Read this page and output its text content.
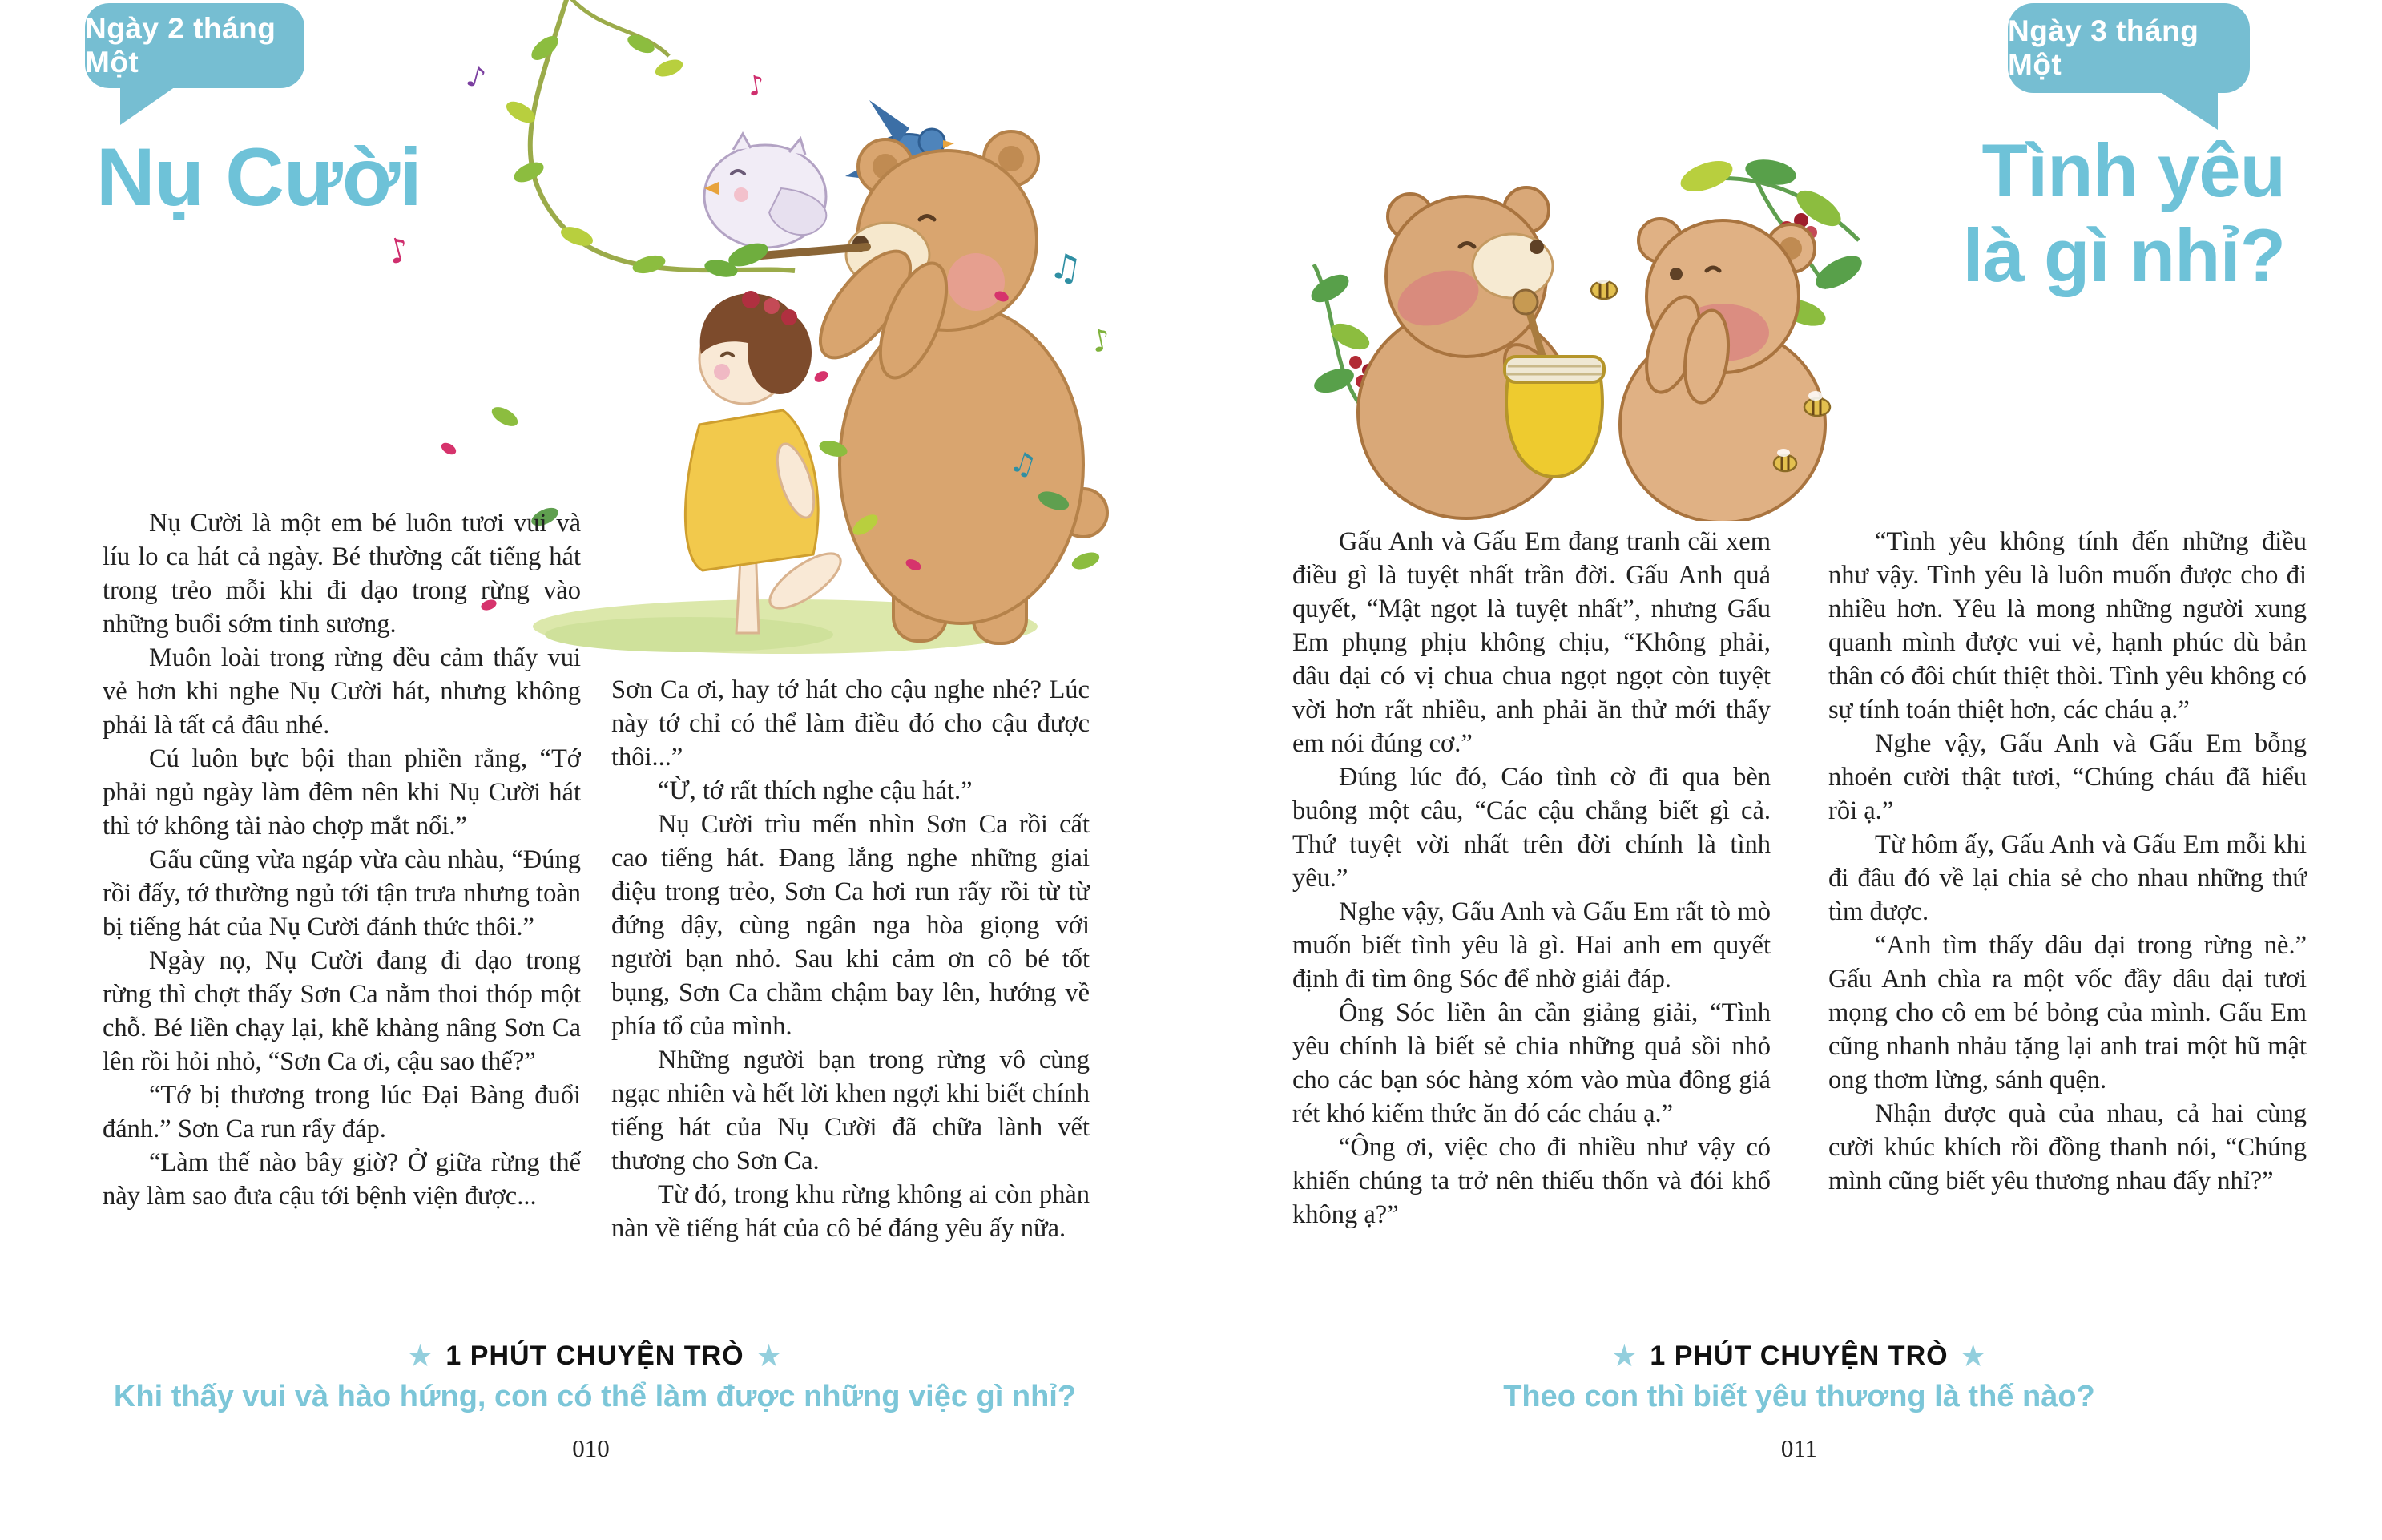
Ngày 2 tháng Một
Ngày 3 tháng Một
Nụ Cười	Tình yêu
là gì nhỉ?
♪
♪
♫
♪
♫
♪

Nụ Cười là một em bé luôn tươi vui và líu lo ca hát cả ngày. Bé thường cất tiếng hát trong trẻo mỗi khi đi dạo trong rừng vào những buổi sớm tinh sương.

Muôn loài trong rừng đều cảm thấy vui vẻ hơn khi nghe Nụ Cười hát, nhưng không phải là tất cả đâu nhé.

Cú luôn bực bội than phiền rằng, “Tớ phải ngủ ngày làm đêm nên khi Nụ Cười hát thì tớ không tài nào chợp mắt nổi.”

Gấu cũng vừa ngáp vừa càu nhàu, “Đúng rồi đấy, tớ thường ngủ tới tận trưa nhưng toàn bị tiếng hát của Nụ Cười đánh thức thôi.”

Ngày nọ, Nụ Cười đang đi dạo trong rừng thì chợt thấy Sơn Ca nằm thoi thóp một chỗ. Bé liền chạy lại, khẽ khàng nâng Sơn Ca lên rồi hỏi nhỏ, “Sơn Ca ơi, cậu sao thế?”

“Tớ bị thương trong lúc Đại Bàng đuổi đánh.” Sơn Ca run rẩy đáp.

“Làm thế nào bây giờ? Ở giữa rừng thế này làm sao đưa cậu tới bệnh viện được...

Sơn Ca ơi, hay tớ hát cho cậu nghe nhé? Lúc này tớ chỉ có thể làm điều đó cho cậu được thôi...”

“Ừ, tớ rất thích nghe cậu hát.”

Nụ Cười trìu mến nhìn Sơn Ca rồi cất cao tiếng hát. Đang lắng nghe những giai điệu trong trẻo, Sơn Ca hơi run rẩy rồi từ từ đứng dậy, cùng ngân nga hòa giọng với người bạn nhỏ. Sau khi cảm ơn cô bé tốt bụng, Sơn Ca chầm chậm bay lên, hướng về phía tổ của mình.

Những người bạn trong rừng vô cùng ngạc nhiên và hết lời khen ngợi khi biết chính tiếng hát của Nụ Cười đã chữa lành vết thương cho Sơn Ca.

Từ đó, trong khu rừng không ai còn phàn nàn về tiếng hát của cô bé đáng yêu ấy nữa.

Gấu Anh và Gấu Em đang tranh cãi xem điều gì là tuyệt nhất trần đời. Gấu Anh quả quyết, “Mật ngọt là tuyệt nhất”, nhưng Gấu Em phụng phịu không chịu, “Không phải, dâu dại có vị chua chua ngọt ngọt còn tuyệt vời hơn rất nhiều, anh phải ăn thử mới thấy em nói đúng cơ.”

Đúng lúc đó, Cáo tình cờ đi qua bèn buông một câu, “Các cậu chẳng biết gì cả. Thứ tuyệt vời nhất trên đời chính là tình yêu.”

Nghe vậy, Gấu Anh và Gấu Em rất tò mò muốn biết tình yêu là gì. Hai anh em quyết định đi tìm ông Sóc để nhờ giải đáp.

Ông Sóc liền ân cần giảng giải, “Tình yêu chính là biết sẻ chia những quả sồi nhỏ cho các bạn sóc hàng xóm vào mùa đông giá rét khó kiếm thức ăn đó các cháu ạ.”

“Ông ơi, việc cho đi nhiều như vậy có khiến chúng ta trở nên thiếu thốn và đói khổ không ạ?”

“Tình yêu không tính đến những điều như vậy. Tình yêu là luôn muốn được cho đi nhiều hơn. Yêu là mong những người xung quanh mình được vui vẻ, hạnh phúc dù bản thân có đôi chút thiệt thòi. Tình yêu không có sự tính toán thiệt hơn, các cháu ạ.”

Nghe vậy, Gấu Anh và Gấu Em bỗng nhoẻn cười thật tươi, “Chúng cháu đã hiểu rồi ạ.”

Từ hôm ấy, Gấu Anh và Gấu Em mỗi khi đi đâu đó về lại chia sẻ cho nhau những thứ tìm được.

“Anh tìm thấy dâu dại trong rừng nè.” Gấu Anh chìa ra một vốc đầy dâu dại tươi mọng cho cô em bé bỏng của mình. Gấu Em cũng nhanh nhảu tặng lại anh trai một hũ mật ong thơm lừng, sánh quện.

Nhận được quà của nhau, cả hai cùng cười khúc khích rồi đồng thanh nói, “Chúng mình cũng biết yêu thương nhau đấy nhỉ?”

★ 1 PHÚT CHUYỆN TRÒ ★
Khi thấy vui và hào hứng, con có thể làm được những việc gì nhỉ?
★ 1 PHÚT CHUYỆN TRÒ ★
Theo con thì biết yêu thương là thế nào?
010	011
